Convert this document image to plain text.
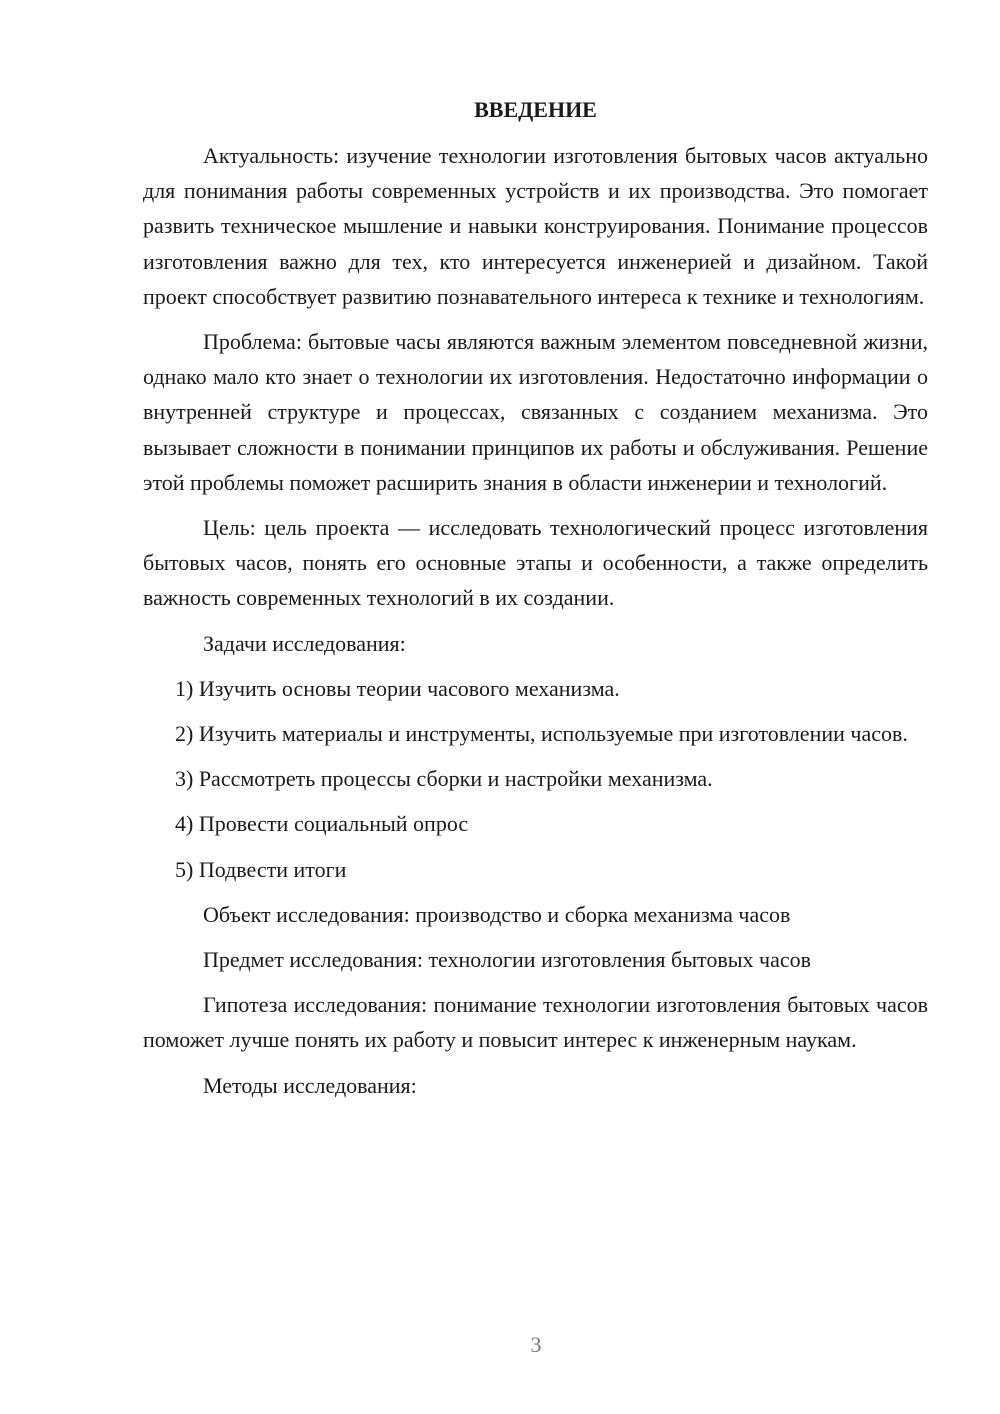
ВВЕДЕНИЕ

Актуальность: изучение технологии изготовления бытовых часов актуально для понимания работы современных устройств и их производства. Это помогает развить техническое мышление и навыки конструирования. Понимание процессов изготовления важно для тех, кто интересуется инженерией и дизайном. Такой проект способствует развитию познавательного интереса к технике и технологиям.

Проблема: бытовые часы являются важным элементом повседневной жизни, однако мало кто знает о технологии их изготовления. Недостаточно информации о внутренней структуре и процессах, связанных с созданием механизма. Это вызывает сложности в понимании принципов их работы и обслуживания. Решение этой проблемы поможет расширить знания в области инженерии и технологий.

Цель: цель проекта — исследовать технологический процесс изготовления бытовых часов, понять его основные этапы и особенности, а также определить важность современных технологий в их создании.

Задачи исследования:

1) Изучить основы теории часового механизма.

2) Изучить материалы и инструменты, используемые при изготовлении часов.

3) Рассмотреть процессы сборки и настройки механизма.

4) Провести социальный опрос

5) Подвести итоги

Объект исследования: производство и сборка механизма часов

Предмет исследования: технологии изготовления бытовых часов

Гипотеза исследования: понимание технологии изготовления бытовых часов поможет лучше понять их работу и повысит интерес к инженерным наукам.

Методы исследования:

3
